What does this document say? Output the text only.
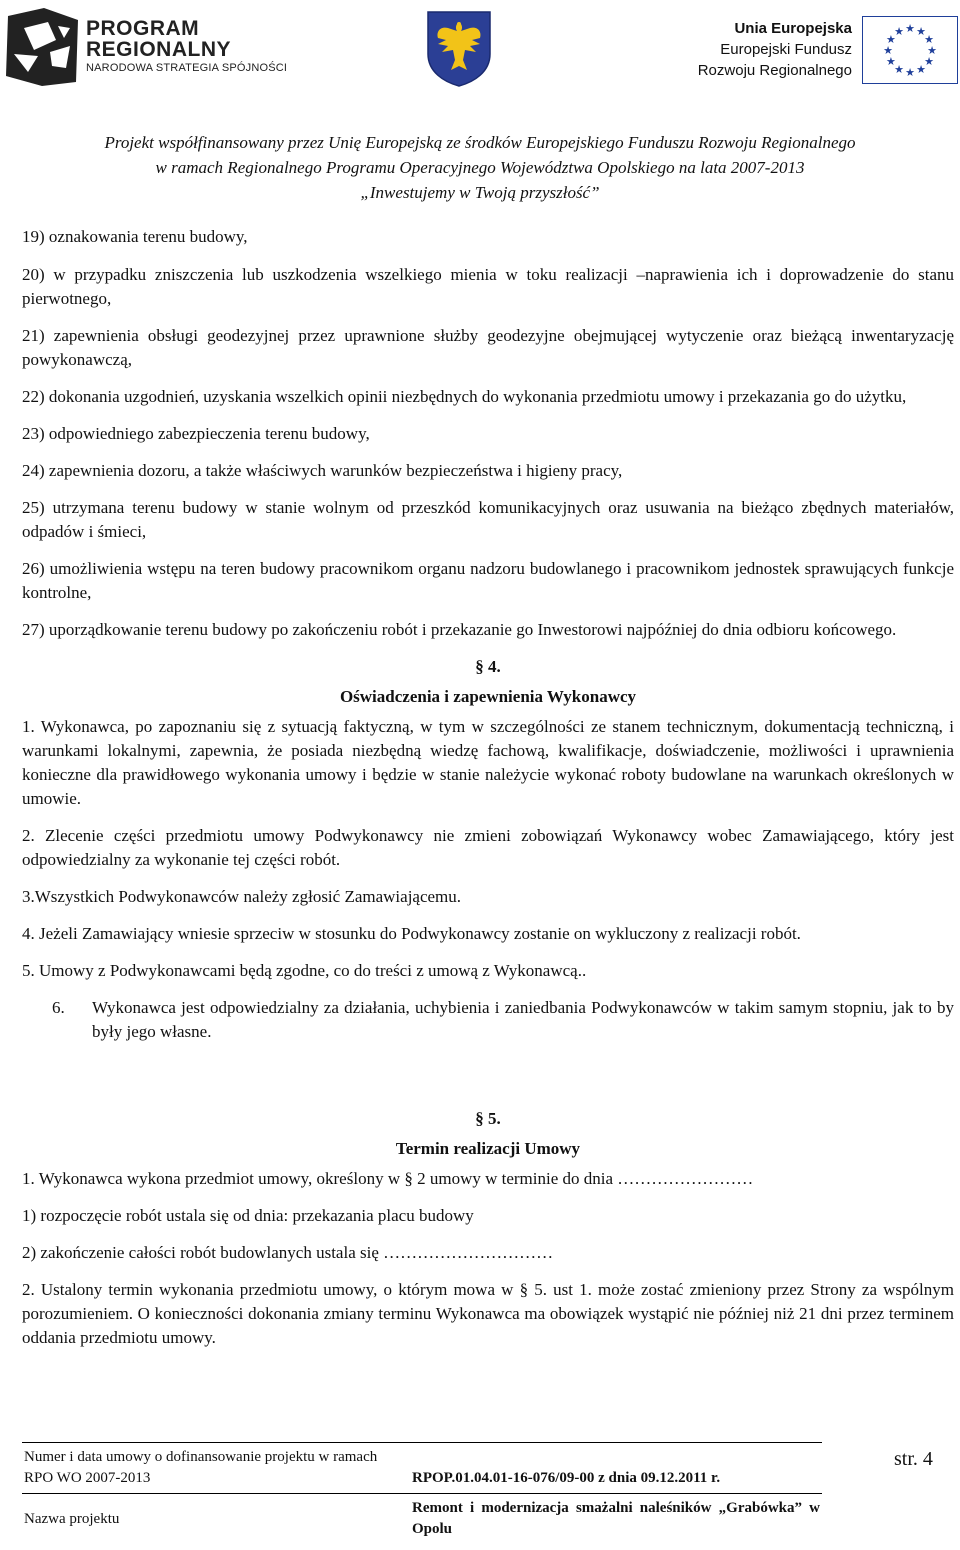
PROGRAM
REGIONALNY
NARODOWA STRATEGIA SPÓJNOŚCI
Unia Europejska
Europejski Fundusz
Rozwoju Regionalnego
★ ★
★
★
★
★
★
★
★
★
★
★
Projekt współfinansowany przez Unię Europejską ze środków Europejskiego Funduszu Rozwoju Regionalnego
w ramach Regionalnego Programu Operacyjnego Województwa Opolskiego na lata 2007-2013
„Inwestujemy w Twoją przyszłość”

19) oznakowania terenu budowy,

20) w przypadku zniszczenia lub uszkodzenia wszelkiego mienia w toku realizacji –naprawienia ich i doprowadzenie do stanu pierwotnego,

21) zapewnienia obsługi geodezyjnej przez uprawnione służby geodezyjne obejmującej wytyczenie oraz bieżącą inwentaryzację powykonawczą,

22) dokonania uzgodnień, uzyskania wszelkich opinii niezbędnych do wykonania przedmiotu umowy i przekazania go do użytku,

23) odpowiedniego zabezpieczenia terenu budowy,

24) zapewnienia dozoru, a także właściwych warunków bezpieczeństwa i higieny pracy,

25) utrzymana terenu budowy w stanie wolnym od przeszkód komunikacyjnych oraz usuwania na bieżąco zbędnych materiałów, odpadów i śmieci,

26) umożliwienia wstępu na teren budowy pracownikom organu nadzoru budowlanego i pracownikom jednostek sprawujących funkcje kontrolne,

27) uporządkowanie terenu budowy po zakończeniu robót i przekazanie go Inwestorowi najpóźniej do dnia odbioru końcowego.

§ 4.
Oświadczenia i zapewnienia Wykonawcy

1. Wykonawca, po zapoznaniu się z sytuacją faktyczną, w tym w szczególności ze stanem technicznym, dokumentacją techniczną, i warunkami lokalnymi, zapewnia, że posiada niezbędną wiedzę fachową, kwalifikacje, doświadczenie, możliwości i uprawnienia konieczne dla prawidłowego wykonania umowy i będzie w stanie należycie wykonać roboty budowlane na warunkach określonych w umowie.

2. Zlecenie części przedmiotu umowy Podwykonawcy nie zmieni zobowiązań Wykonawcy wobec Zamawiającego, który jest odpowiedzialny za wykonanie tej części robót.

3.Wszystkich Podwykonawców należy zgłosić Zamawiającemu.

4. Jeżeli Zamawiający wniesie sprzeciw w stosunku do Podwykonawcy zostanie on wykluczony z realizacji robót.

5. Umowy z Podwykonawcami będą zgodne, co do treści z umową z Wykonawcą..

6.	Wykonawca jest odpowiedzialny za działania, uchybienia i zaniedbania Podwykonawców w takim samym stopniu, jak to by były jego własne.
§ 5.
Termin realizacji Umowy

1. Wykonawca wykona przedmiot umowy, określony w § 2 umowy w terminie do dnia ……………………

1) rozpoczęcie robót ustala się od dnia: przekazania placu budowy

2) zakończenie całości robót budowlanych ustala się …………………………

2. Ustalony termin wykonania przedmiotu umowy, o którym mowa w § 5. ust 1. może zostać zmieniony przez Strony za wspólnym porozumieniem. O konieczności dokonania zmiany terminu Wykonawca ma obowiązek wystąpić nie później niż 21 dni przez terminem oddania przedmiotu umowy.

Numer i data umowy o dofinansowanie projektu w ramach RPO WO 2007-2013	RPOP.01.04.01-16-076/09-00 z dnia 09.12.2011 r.
Nazwa projektu	Remont i modernizacja smażalni naleśników „Grabówka” w Opolu
str. 4
